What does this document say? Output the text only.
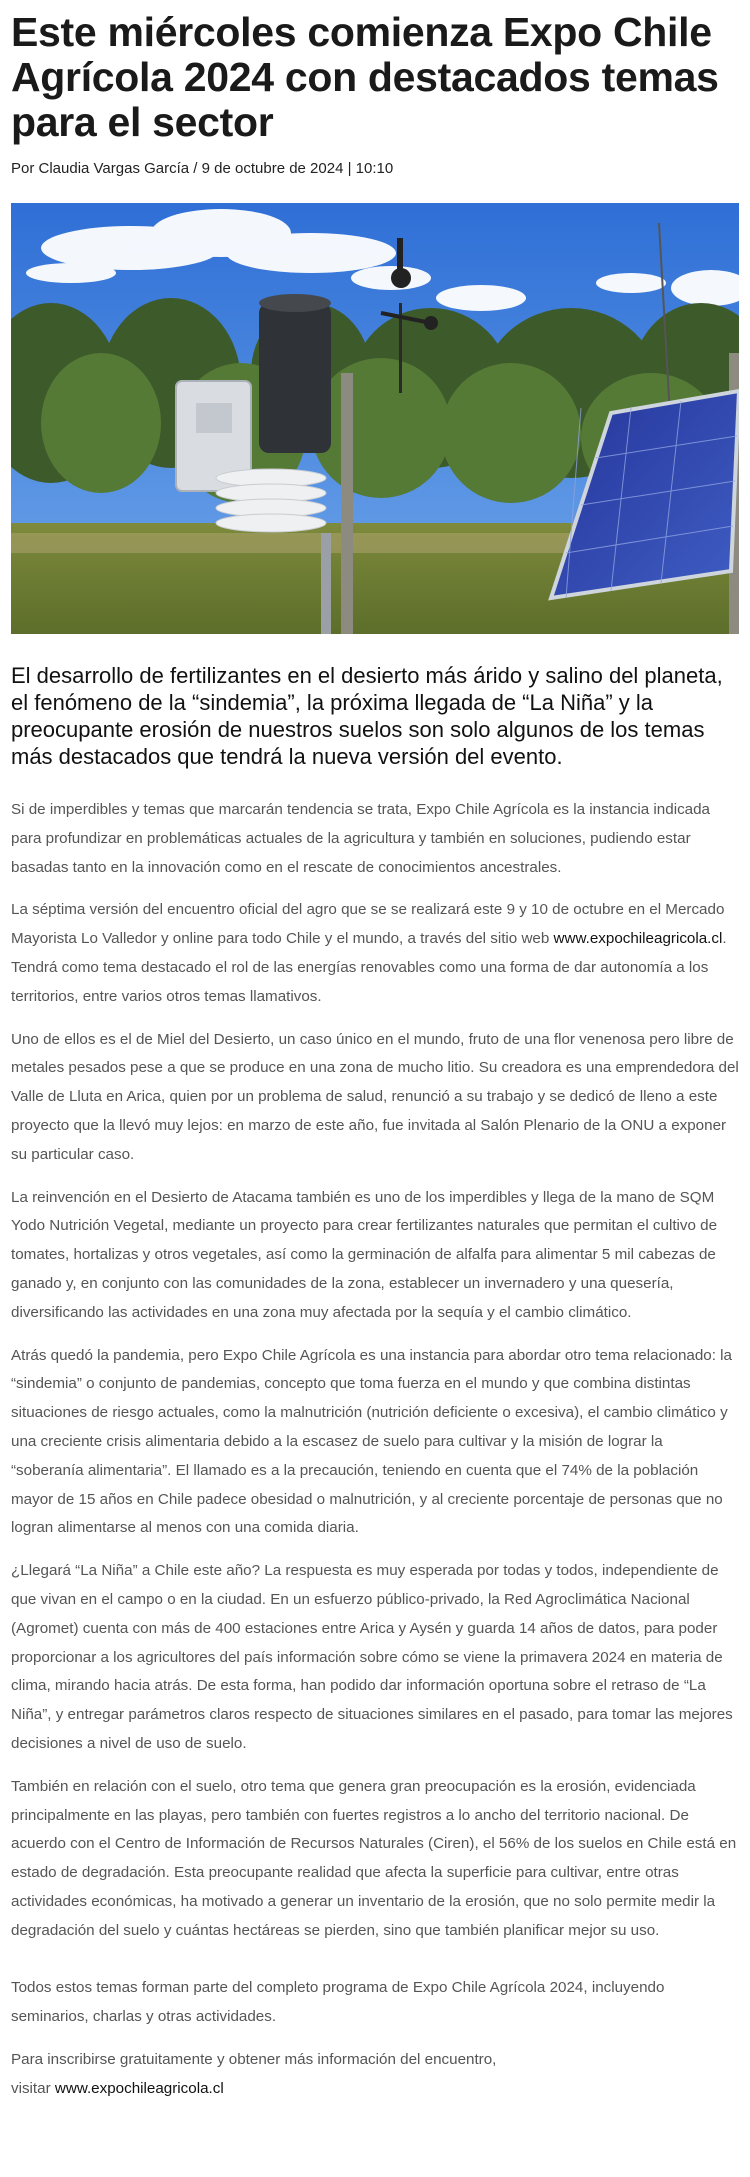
Este miércoles comienza Expo Chile Agrícola 2024 con destacados temas para el sector
Por Claudia Vargas García / 9 de octubre de 2024 | 10:10
El desarrollo de fertilizantes en el desierto más árido y salino del planeta, el fenómeno de la “sindemia”, la próxima llegada de “La Niña” y la preocupante erosión de nuestros suelos son solo algunos de los temas más destacados que tendrá la nueva versión del evento.

Si de imperdibles y temas que marcarán tendencia se trata, Expo Chile Agrícola es la instancia indicada para profundizar en problemáticas actuales de la agricultura y también en soluciones, pudiendo estar basadas tanto en la innovación como en el rescate de conocimientos ancestrales.

La séptima versión del encuentro oficial del agro que se se realizará este 9 y 10 de octubre en el Mercado Mayorista Lo Valledor y online para todo Chile y el mundo, a través del sitio web www.expochileagricola.cl. Tendrá como tema destacado el rol de las energías renovables como una forma de dar autonomía a los territorios, entre varios otros temas llamativos.

Uno de ellos es el de Miel del Desierto, un caso único en el mundo, fruto de una flor venenosa pero libre de metales pesados pese a que se produce en una zona de mucho litio. Su creadora es una emprendedora del Valle de Lluta en Arica, quien por un problema de salud, renunció a su trabajo y se dedicó de lleno a este proyecto que la llevó muy lejos: en marzo de este año, fue invitada al Salón Plenario de la ONU a exponer su particular caso.

La reinvención en el Desierto de Atacama también es uno de los imperdibles y llega de la mano de SQM Yodo Nutrición Vegetal, mediante un proyecto para crear fertilizantes naturales que permitan el cultivo de tomates, hortalizas y otros vegetales, así como la germinación de alfalfa para alimentar 5 mil cabezas de ganado y, en conjunto con las comunidades de la zona, establecer un invernadero y una quesería, diversificando las actividades en una zona muy afectada por la sequía y el cambio climático.

Atrás quedó la pandemia, pero Expo Chile Agrícola es una instancia para abordar otro tema relacionado: la “sindemia” o conjunto de pandemias, concepto que toma fuerza en el mundo y que combina distintas situaciones de riesgo actuales, como la malnutrición (nutrición deficiente o excesiva), el cambio climático y una creciente crisis alimentaria debido a la escasez de suelo para cultivar y la misión de lograr la “soberanía alimentaria”. El llamado es a la precaución, teniendo en cuenta que el 74% de la población mayor de 15 años en Chile padece obesidad o malnutrición, y al creciente porcentaje de personas que no logran alimentarse al menos con una comida diaria.

¿Llegará “La Niña” a Chile este año? La respuesta es muy esperada por todas y todos, independiente de que vivan en el campo o en la ciudad. En un esfuerzo público-privado, la Red Agroclimática Nacional (Agromet) cuenta con más de 400 estaciones entre Arica y Aysén y guarda 14 años de datos, para poder proporcionar a los agricultores del país información sobre cómo se viene la primavera 2024 en materia de clima, mirando hacia atrás. De esta forma, han podido dar información oportuna sobre el retraso de “La Niña”, y entregar parámetros claros respecto de situaciones similares en el pasado, para tomar las mejores decisiones a nivel de uso de suelo.

También en relación con el suelo, otro tema que genera gran preocupación es la erosión, evidenciada principalmente en las playas, pero también con fuertes registros a lo ancho del territorio nacional. De acuerdo con el Centro de Información de Recursos Naturales (Ciren), el 56% de los suelos en Chile está en estado de degradación. Esta preocupante realidad que afecta la superficie para cultivar, entre otras actividades económicas, ha motivado a generar un inventario de la erosión, que no solo permite medir la degradación del suelo y cuántas hectáreas se pierden, sino que también planificar mejor su uso.

Todos estos temas forman parte del completo programa de Expo Chile Agrícola 2024, incluyendo seminarios, charlas y otras actividades.

Para inscribirse gratuitamente y obtener más información del encuentro,
visitar www.expochileagricola.cl
